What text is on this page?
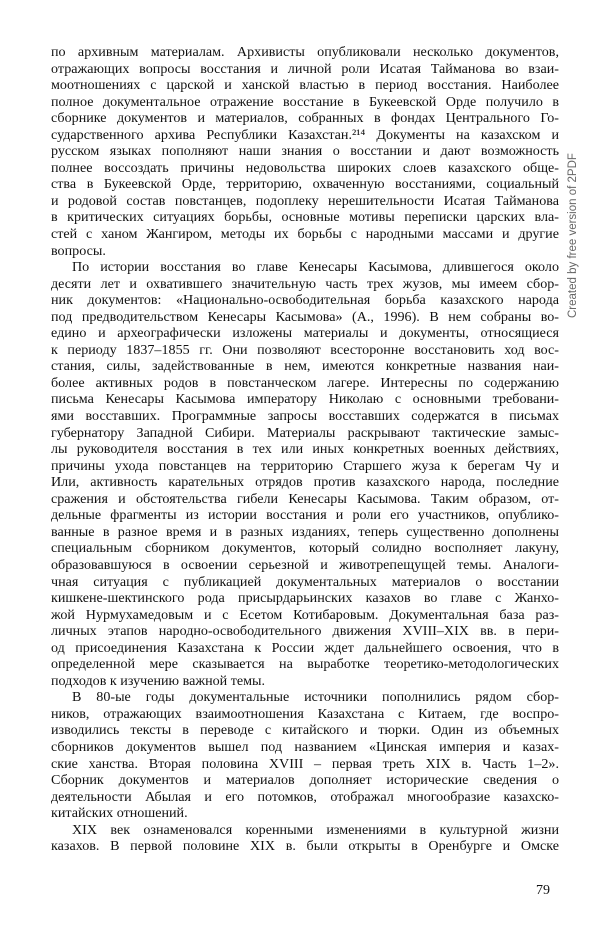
по архивным материалам. Архивисты опубликовали несколько документов,
отражающих вопросы восстания и личной роли Исатая Тайманова во взаи-
моотношениях с царской и ханской властью в период восстания. Наиболее
полное документальное отражение восстание в Букеевской Орде получило в
сборнике документов и материалов, собранных в фондах Центрального Го-
сударственного архива Республики Казахстан.²¹⁴ Документы на казахском и
русском языках пополняют наши знания о восстании и дают возможность
полнее воссоздать причины недовольства широких слоев казахского обще-
ства в Букеевской Орде, территорию, охваченную восстаниями, социальный
и родовой состав повстанцев, подоплеку нерешительности Исатая Тайманова
в критических ситуациях борьбы, основные мотивы переписки царских вла-
стей с ханом Жангиром, методы их борьбы с народными массами и другие
вопросы.

По истории восстания во главе Кенесары Касымова, длившегося около
десяти лет и охватившего значительную часть трех жузов, мы имеем сбор-
ник документов: «Национально-освободительная борьба казахского народа
под предводительством Кенесары Касымова» (А., 1996). В нем собраны во-
едино и археографически изложены материалы и документы, относящиеся
к периоду 1837–1855 гг. Они позволяют всесторонне восстановить ход вос-
стания, силы, задействованные в нем, имеются конкретные названия наи-
более активных родов в повстанческом лагере. Интересны по содержанию
письма Кенесары Касымова императору Николаю с основными требовани-
ями восставших. Программные запросы восставших содержатся в письмах
губернатору Западной Сибири. Материалы раскрывают тактические замыс-
лы руководителя восстания в тех или иных конкретных военных действиях,
причины ухода повстанцев на территорию Старшего жуза к берегам Чу и
Или, активность карательных отрядов против казахского народа, последние
сражения и обстоятельства гибели Кенесары Касымова. Таким образом, от-
дельные фрагменты из истории восстания и роли его участников, опублико-
ванные в разное время и в разных изданиях, теперь существенно дополнены
специальным сборником документов, который солидно восполняет лакуну,
образовавшуюся в освоении серьезной и животрепещущей темы. Аналоги-
чная ситуация с публикацией документальных материалов о восстании
кишкене-шектинского рода присырдарьинских казахов во главе с Жанхо-
жой Нурмухамедовым и с Есетом Котибаровым. Документальная база раз-
личных этапов народно-освободительного движения XVIII–XIX вв. в пери-
од присоединения Казахстана к России ждет дальнейшего освоения, что в
определенной мере сказывается на выработке теоретико-методологических
подходов к изучению важной темы.

В 80-ые годы документальные источники пополнились рядом сбор-
ников, отражающих взаимоотношения Казахстана с Китаем, где воспро-
изводились тексты в переводе с китайского и тюрки. Один из объемных
сборников документов вышел под названием «Цинская империя и казах-
ские ханства. Вторая половина XVIII – первая треть XIX в. Часть 1–2».
Сборник документов и материалов дополняет исторические сведения о
деятельности Абылая и его потомков, отображал многообразие казахско-
китайских отношений.

XIX век ознаменовался коренными изменениями в культурной жизни
казахов. В первой половине XIX в. были открыты в Оренбурге и Омске

79
Created by free version of 2PDF
